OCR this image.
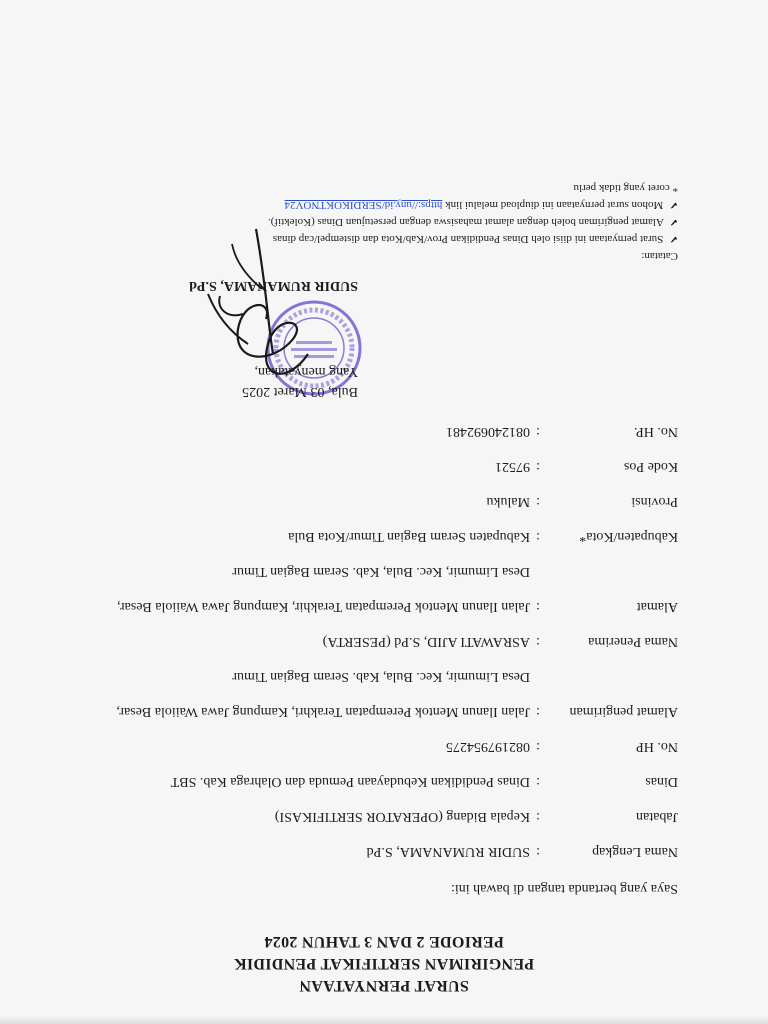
SURAT PERNYATAAN
PENGIRIMAN SERTIFIKAT PENDIDIK
PERIODE 2 DAN 3 TAHUN 2024
Saya yang bertanda tangan di bawah ini:
Nama Lengkap
:
SUDIR RUMANAMA, S.Pd
Jabatan
:
Kepala Bidang (OPERATOR SERTIFIKASI)
Dinas
:
Dinas Pendidikan Kebudayaan Pemuda dan Olahraga Kab. SBT
No. HP
:
082197954275
Alamat pengiriman
:
Jalan Ilanun Mentok Perempatan Terakhri, Kampung Jawa Waiiola Besar,
Desa Limumir, Kec. Bula, Kab. Seram Bagian Timur
Nama Penerima
:
ASRAWATI AJID, S.Pd (PESERTA)
Alamat
:
Jalan Ilanun Mentok Perempatan Terakhir, Kampung Jawa Waiiola Besar,
Desa Limumir, Kec. Bula, Kab. Seram Bagian Timur
Kabupaten/Kota*
:
Kabupaten Seram Bagian Timur/Kota Bula
Provinsi
:
Maluku
Kode Pos
:
97521
No. HP.
:
081240692481
Bula, 03 Maret 2025
Yang menyatakan,
SUDIR RUMANAMA, S.Pd
Catatan:
✔ Surat pernyataan ini diisi oleh Dinas Pendidikan Prov/Kab/Kota dan distempel/cap dinas
✔ Alamat pengiriman boleh dengan alamat mahasiswa dengan persetujuan Dinas (Kolektif).
✔ Mohon surat pernyataan ini diupload melalui link https://uny.id/SERDIKOKTNOV24
* coret yang tidak perlu
